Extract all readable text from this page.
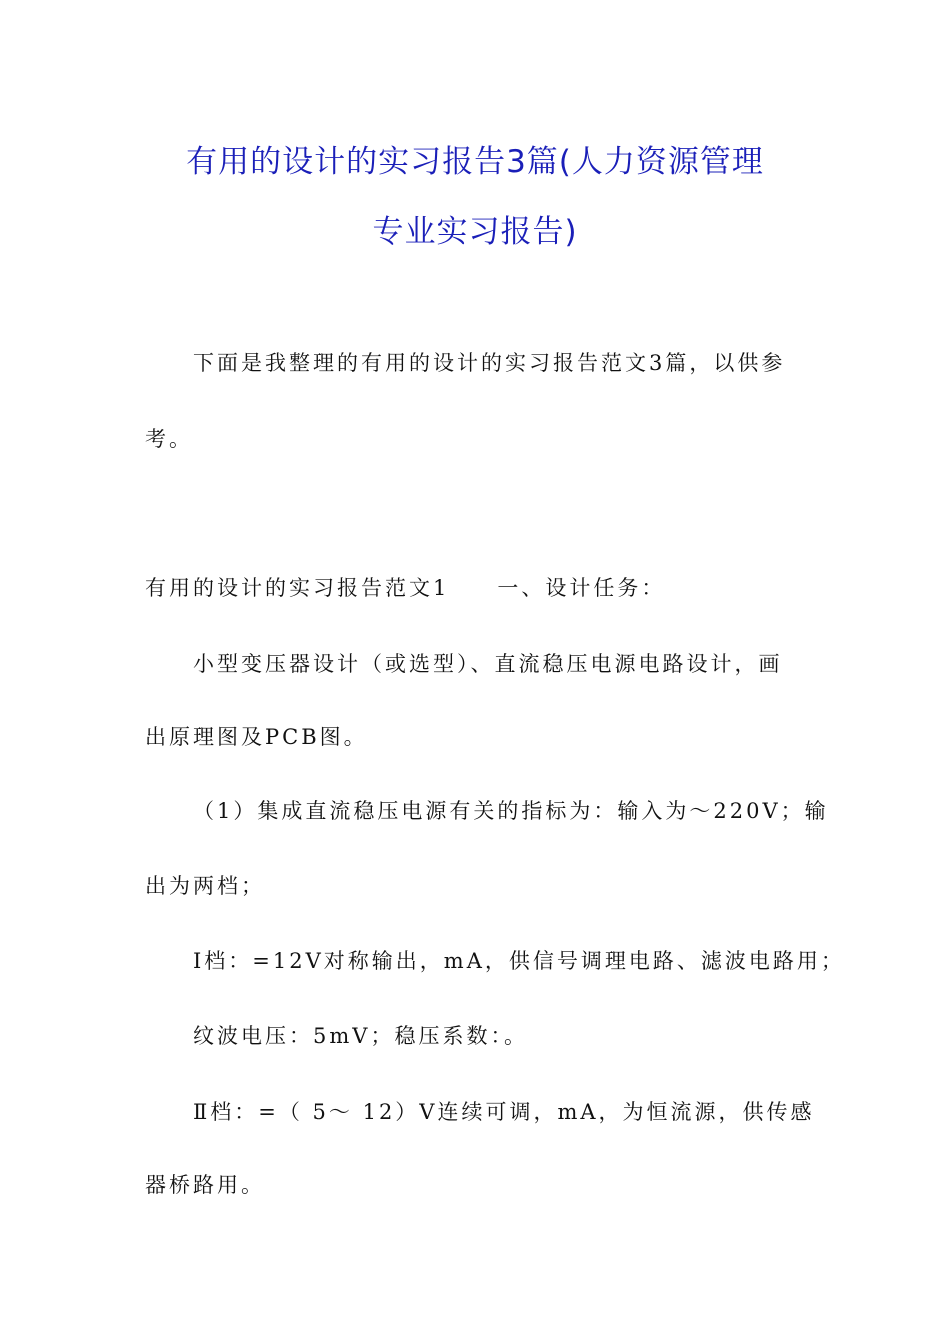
有用的设计的实习报告3篇(人力资源管理
专业实习报告)
下面是我整理的有用的设计的实习报告范文3篇，以供参
考。
有用的设计的实习报告范文1　　一、设计任务：
小型变压器设计（或选型）、直流稳压电源电路设计，画
出原理图及PCB图。
（1）集成直流稳压电源有关的指标为：输入为～220V；输
出为两档；
Ⅰ档：=12V对称输出，mA，供信号调理电路、滤波电路用；
纹波电压：5mV；稳压系数：。
Ⅱ档：=（ 5～ 12）V连续可调，mA，为恒流源，供传感
器桥路用。
